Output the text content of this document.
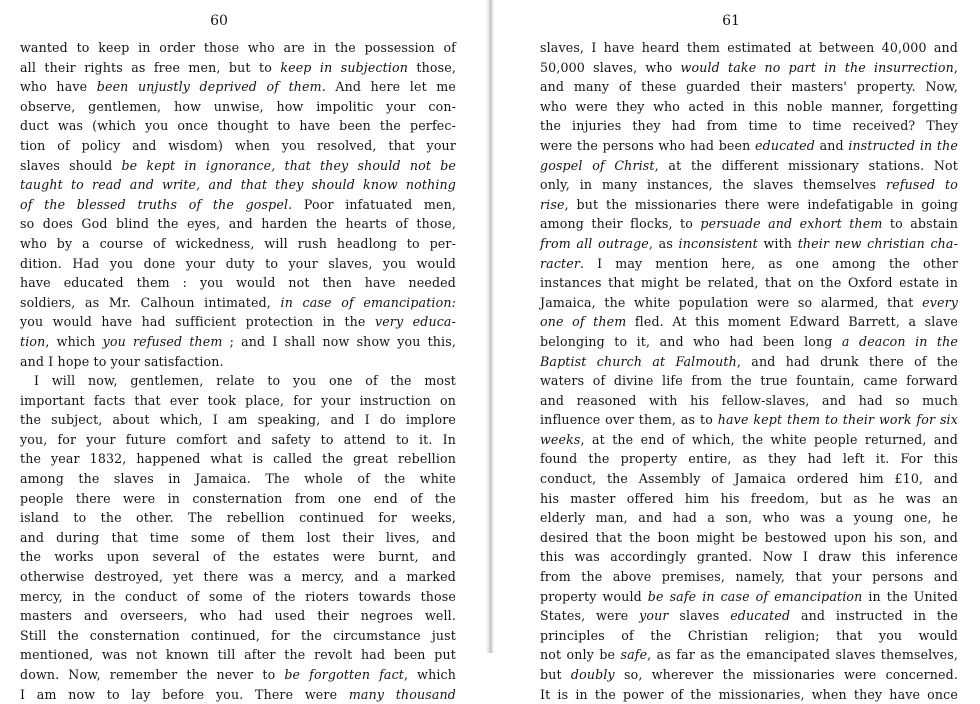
60
wanted to keep in order those who are in the possession of
all their rights as free men, but to keep in subjection those,
who have been unjustly deprived of them. And here let me
observe, gentlemen, how unwise, how impolitic your con-
duct was (which you once thought to have been the perfec-
tion of policy and wisdom) when you resolved, that your
slaves should be kept in ignorance, that they should not be
taught to read and write, and that they should know nothing
of the blessed truths of the gospel. Poor infatuated men,
so does God blind the eyes, and harden the hearts of those,
who by a course of wickedness, will rush headlong to per-
dition. Had you done your duty to your slaves, you would
have educated them : you would not then have needed
soldiers, as Mr. Calhoun intimated, in case of emancipation:
you would have had sufficient protection in the very educa-
tion, which you refused them ; and I shall now show you this,
and I hope to your satisfaction.
I will now, gentlemen, relate to you one of the most
important facts that ever took place, for your instruction on
the subject, about which, I am speaking, and I do implore
you, for your future comfort and safety to attend to it. In
the year 1832, happened what is called the great rebellion
among the slaves in Jamaica. The whole of the white
people there were in consternation from one end of the
island to the other. The rebellion continued for weeks,
and during that time some of them lost their lives, and
the works upon several of the estates were burnt, and
otherwise destroyed, yet there was a mercy, and a marked
mercy, in the conduct of some of the rioters towards those
masters and overseers, who had used their negroes well.
Still the consternation continued, for the circumstance just
mentioned, was not known till after the revolt had been put
down. Now, remember the never to be forgotten fact, which
I am now to lay before you. There were many thousand
61
slaves, I have heard them estimated at between 40,000 and
50,000 slaves, who would take no part in the insurrection,
and many of these guarded their masters' property. Now,
who were they who acted in this noble manner, forgetting
the injuries they had from time to time received? They
were the persons who had been educated and instructed in the
gospel of Christ, at the different missionary stations. Not
only, in many instances, the slaves themselves refused to
rise, but the missionaries there were indefatigable in going
among their flocks, to persuade and exhort them to abstain
from all outrage, as inconsistent with their new christian cha-
racter. I may mention here, as one among the other
instances that might be related, that on the Oxford estate in
Jamaica, the white population were so alarmed, that every
one of them fled. At this moment Edward Barrett, a slave
belonging to it, and who had been long a deacon in the
Baptist church at Falmouth, and had drunk there of the
waters of divine life from the true fountain, came forward
and reasoned with his fellow-slaves, and had so much
influence over them, as to have kept them to their work for six
weeks, at the end of which, the white people returned, and
found the property entire, as they had left it. For this
conduct, the Assembly of Jamaica ordered him £10, and
his master offered him his freedom, but as he was an
elderly man, and had a son, who was a young one, he
desired that the boon might be bestowed upon his son, and
this was accordingly granted. Now I draw this inference
from the above premises, namely, that your persons and
property would be safe in case of emancipation in the United
States, were your slaves educated and instructed in the
principles of the Christian religion; that you would
not only be safe, as far as the emancipated slaves themselves,
but doubly so, wherever the missionaries were concerned.
It is in the power of the missionaries, when they have once
